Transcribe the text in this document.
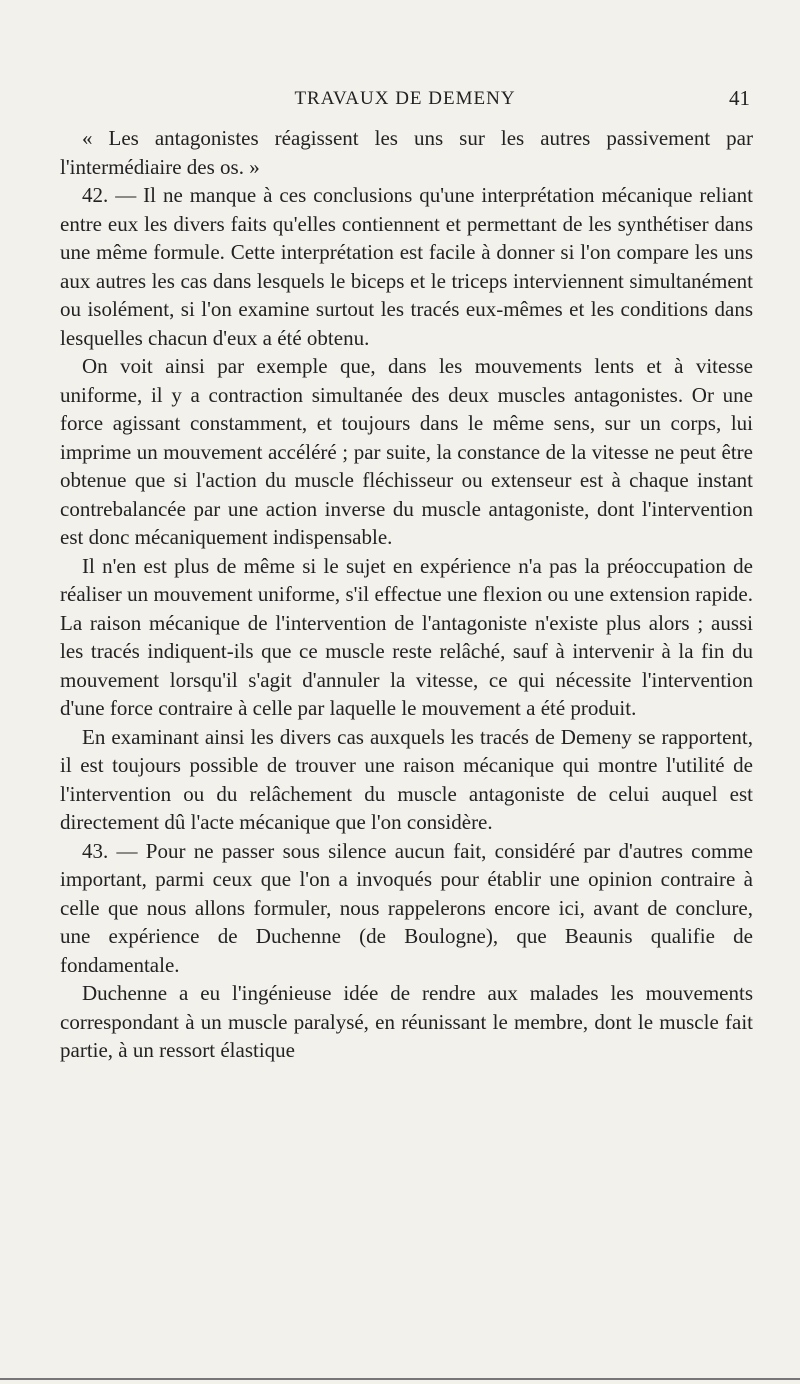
TRAVAUX DE DEMENY	41

« Les antagonistes réagissent les uns sur les autres passivement par l'intermédiaire des os. »

42. — Il ne manque à ces conclusions qu'une interprétation mécanique reliant entre eux les divers faits qu'elles contiennent et permettant de les synthétiser dans une même formule. Cette interprétation est facile à donner si l'on compare les uns aux autres les cas dans lesquels le biceps et le triceps interviennent simultanément ou isolément, si l'on examine surtout les tracés eux-mêmes et les conditions dans lesquelles chacun d'eux a été obtenu.

On voit ainsi par exemple que, dans les mouvements lents et à vitesse uniforme, il y a contraction simultanée des deux muscles antagonistes. Or une force agissant constamment, et toujours dans le même sens, sur un corps, lui imprime un mouvement accéléré ; par suite, la constance de la vitesse ne peut être obtenue que si l'action du muscle fléchisseur ou extenseur est à chaque instant contrebalancée par une action inverse du muscle antagoniste, dont l'intervention est donc mécaniquement indispensable.

Il n'en est plus de même si le sujet en expérience n'a pas la préoccupation de réaliser un mouvement uniforme, s'il effectue une flexion ou une extension rapide. La raison mécanique de l'intervention de l'antagoniste n'existe plus alors ; aussi les tracés indiquent-ils que ce muscle reste relâché, sauf à intervenir à la fin du mouvement lorsqu'il s'agit d'annuler la vitesse, ce qui nécessite l'intervention d'une force contraire à celle par laquelle le mouvement a été produit.

En examinant ainsi les divers cas auxquels les tracés de Demeny se rapportent, il est toujours possible de trouver une raison mécanique qui montre l'utilité de l'intervention ou du relâchement du muscle antagoniste de celui auquel est directement dû l'acte mécanique que l'on considère.

43. — Pour ne passer sous silence aucun fait, considéré par d'autres comme important, parmi ceux que l'on a invoqués pour établir une opinion contraire à celle que nous allons formuler, nous rappelerons encore ici, avant de conclure, une expérience de Duchenne (de Boulogne), que Beaunis qualifie de fondamentale.

Duchenne a eu l'ingénieuse idée de rendre aux malades les mouvements correspondant à un muscle paralysé, en réunissant le membre, dont le muscle fait partie, à un ressort élastique
